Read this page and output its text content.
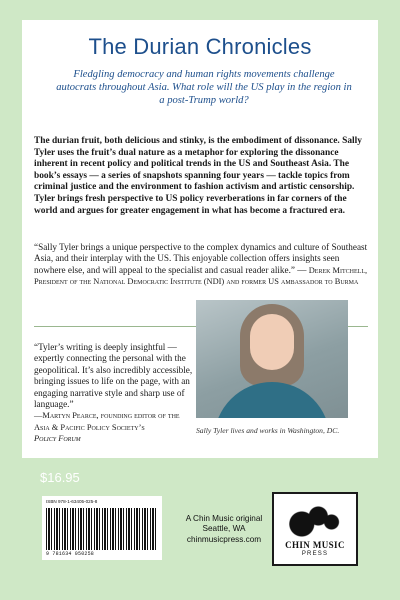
The Durian Chronicles
Fledgling democracy and human rights movements challenge autocrats throughout Asia. What role will the US play in the region in a post-Trump world?
The durian fruit, both delicious and stinky, is the embodiment of dissonance. Sally Tyler uses the fruit’s dual nature as a metaphor for exploring the dissonance inherent in recent policy and political trends in the US and Southeast Asia. The book’s essays — a series of snapshots spanning four years — tackle topics from criminal justice and the environment to fashion activism and artistic censorship. Tyler brings fresh perspective to US policy reverberations in far corners of the world and argues for greater engagement in what has become a fractured era.
“Sally Tyler brings a unique perspective to the complex dynamics and culture of Southeast Asia, and their interplay with the US. This enjoyable collection offers insights seen nowhere else, and will appeal to the specialist and casual reader alike.” — Derek Mitchell, President of the National Democratic Institute (NDI) and former US ambassador to Burma
“Tyler’s writing is deeply insightful — expertly connecting the personal with the geopolitical. It’s also incredibly accessible, bringing issues to life on the page, with an engaging narrative style and sharp use of language.”
—Martyn Pearce, founding editor of the
Asia & Pacific Policy Society’s
Policy Forum
Sally Tyler lives and works in Washington, DC.
$16.95
ISBN 978-1-63405-025-8
9 781634 050258
A Chin Music original
Seattle, WA
chinmusicpress.com
CHIN MUSIC
PRESS
